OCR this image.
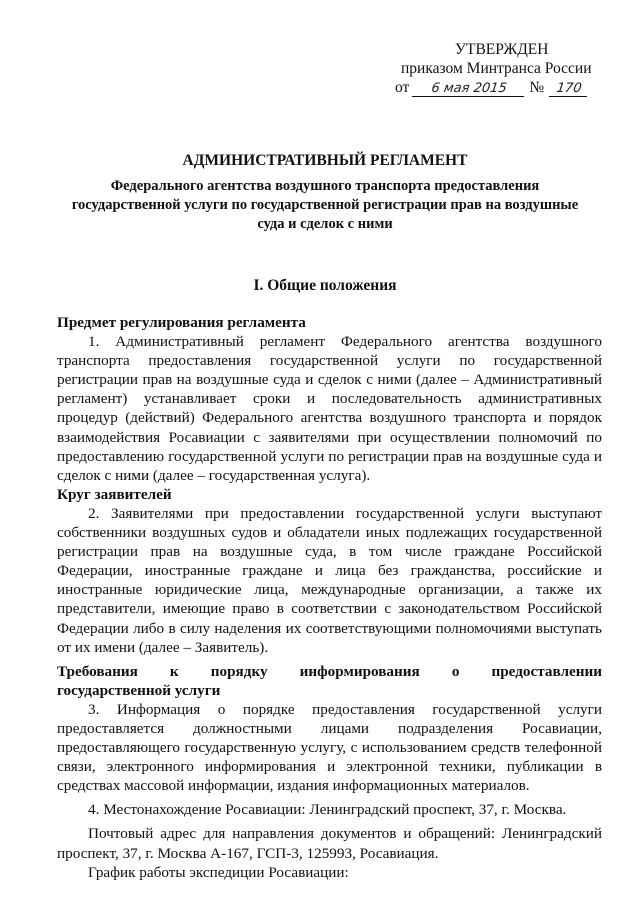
УТВЕРЖДЕН
приказом Минтранса России
от	6 мая 2015	№ 170
АДМИНИСТРАТИВНЫЙ РЕГЛАМЕНТ
Федерального агентства воздушного транспорта предоставления
государственной услуги по государственной регистрации прав на воздушные
суда и сделок с ними
I. Общие положения

Предмет регулирования регламента

1. Административный регламент Федерального агентства воздушного транспорта предоставления государственной услуги по государственной регистрации прав на воздушные суда и сделок с ними (далее – Административный регламент) устанавливает сроки и последовательность административных процедур (действий) Федерального агентства воздушного транспорта и порядок взаимодействия Росавиации с заявителями при осуществлении полномочий по предоставлению государственной услуги по регистрации прав на воздушные суда и сделок с ними (далее – государственная услуга).

Круг заявителей

2. Заявителями при предоставлении государственной услуги выступают собственники воздушных судов и обладатели иных подлежащих государственной регистрации прав на воздушные суда, в том числе граждане Российской Федерации, иностранные граждане и лица без гражданства, российские и иностранные юридические лица, международные организации, а также их представители, имеющие право в соответствии с законодательством Российской Федерации либо в силу наделения их соответствующими полномочиями выступать от их имени (далее – Заявитель).

Требования к порядку информирования о предоставлении

государственной услуги

3. Информация о порядке предоставления государственной услуги предоставляется должностными лицами подразделения Росавиации, предоставляющего государственную услугу, с использованием средств телефонной связи, электронного информирования и электронной техники, публикации в средствах массовой информации, издания информационных материалов.

4. Местонахождение Росавиации: Ленинградский проспект, 37, г. Москва.

Почтовый адрес для направления документов и обращений: Ленинградский проспект, 37, г. Москва А-167, ГСП-3, 125993, Росавиация.

График работы экспедиции Росавиации:
